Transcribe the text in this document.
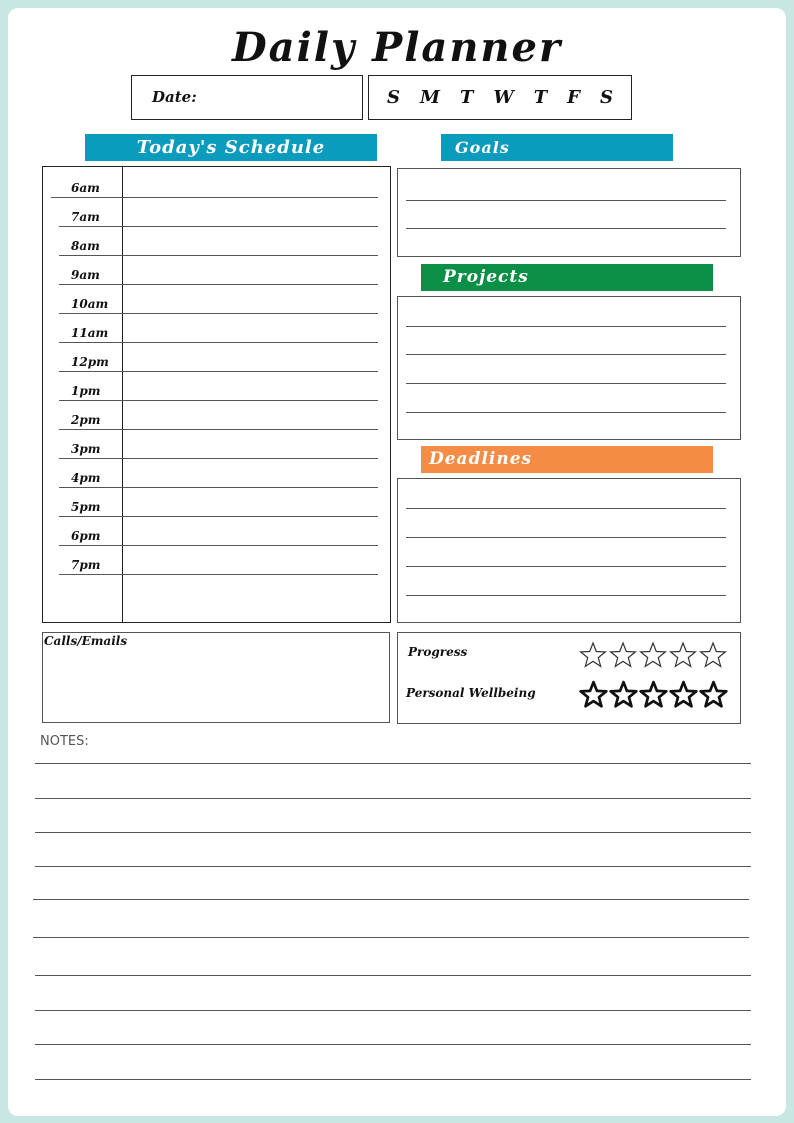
Daily Planner
Date:	S M T W T F S
Today's Schedule
6am
7am
8am
9am
10am
11am
12pm
1pm
2pm
3pm
4pm
5pm
6pm
7pm
Goals
Projects
Deadlines
Calls/Emails
Progress
Personal Wellbeing
NOTES:
